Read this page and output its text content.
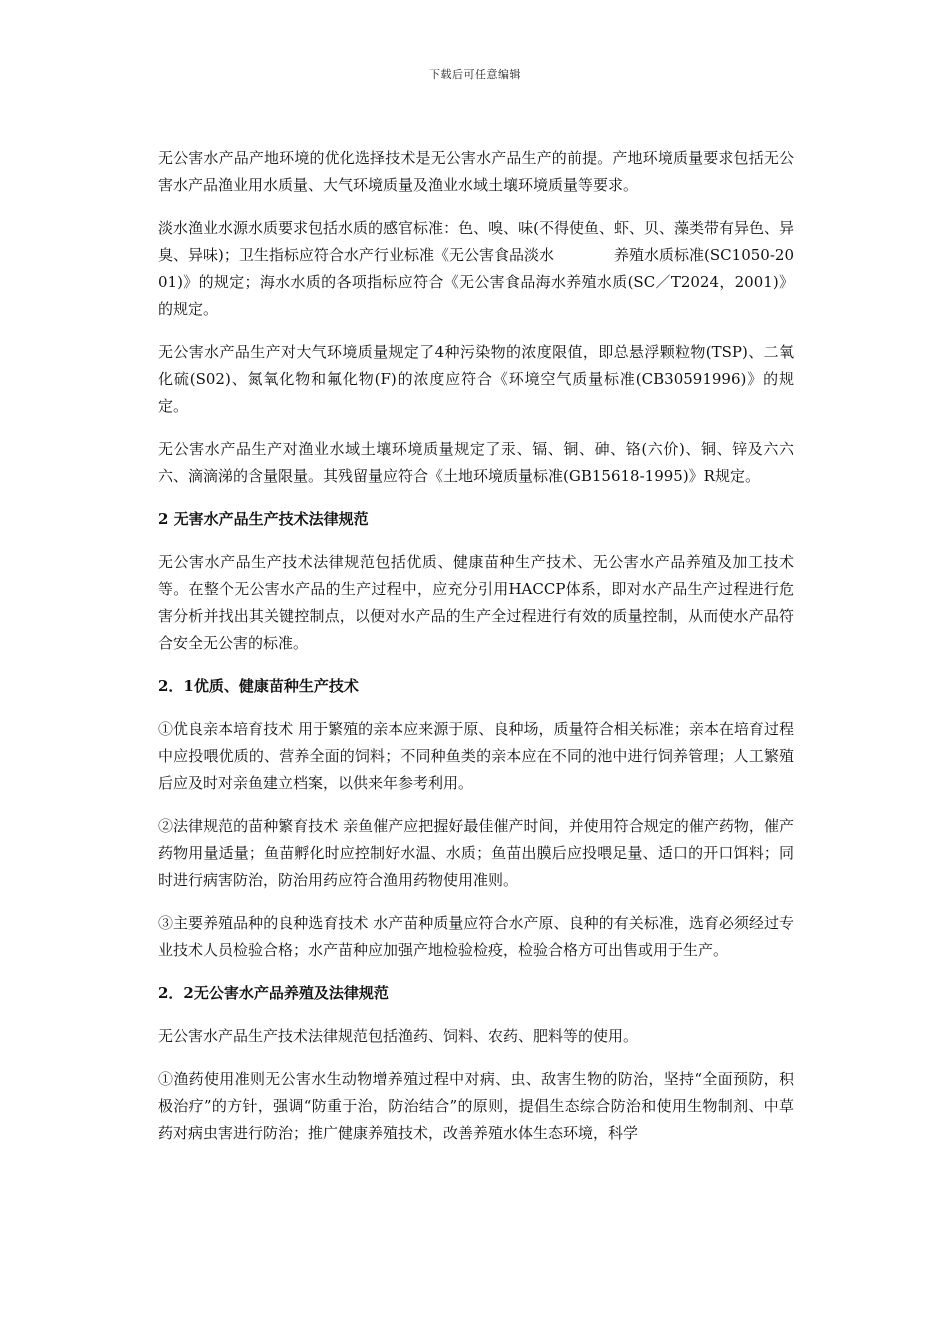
下载后可任意编辑

无公害水产品产地环境的优化选择技术是无公害水产品生产的前提。产地环境质量要求包括无公害水产品渔业用水质量、大气环境质量及渔业水域土壤环境质量等要求。

淡水渔业水源水质要求包括水质的感官标准：色、嗅、味(不得使鱼、虾、贝、藻类带有异色、异臭、异味)；卫生指标应符合水产行业标准《无公害食品淡水　　　　养殖水质标准(SC1050-2001)》的规定；海水水质的各项指标应符合《无公害食品海水养殖水质(SC／T2024，2001)》的规定。

无公害水产品生产对大气环境质量规定了4种污染物的浓度限值，即总悬浮颗粒物(TSP)、二氧化硫(S02)、氮氧化物和氟化物(F)的浓度应符合《环境空气质量标准(CB30591996)》的规定。

无公害水产品生产对渔业水域土壤环境质量规定了汞、镉、铜、砷、铬(六价)、铜、锌及六六六、滴滴涕的含量限量。其残留量应符合《土地环境质量标准(GB15618-1995)》R规定。

2 无害水产品生产技术法律规范

无公害水产品生产技术法律规范包括优质、健康苗种生产技术、无公害水产品养殖及加工技术等。在整个无公害水产品的生产过程中，应充分引用HACCP体系，即对水产品生产过程进行危害分析并找出其关键控制点，以便对水产品的生产全过程进行有效的质量控制，从而使水产品符合安全无公害的标准。

2．1优质、健康苗种生产技术

①优良亲本培育技术 用于繁殖的亲本应来源于原、良种场，质量符合相关标准；亲本在培育过程中应投喂优质的、营养全面的饲料；不同种鱼类的亲本应在不同的池中进行饲养管理；人工繁殖后应及时对亲鱼建立档案，以供来年参考利用。

②法律规范的苗种繁育技术 亲鱼催产应把握好最佳催产时间，并使用符合规定的催产药物，催产药物用量适量；鱼苗孵化时应控制好水温、水质；鱼苗出膜后应投喂足量、适口的开口饵料；同时进行病害防治，防治用药应符合渔用药物使用准则。

③主要养殖品种的良种选育技术 水产苗种质量应符合水产原、良种的有关标准，选育必须经过专业技术人员检验合格；水产苗种应加强产地检验检疫，检验合格方可出售或用于生产。

2．2无公害水产品养殖及法律规范

无公害水产品生产技术法律规范包括渔药、饲料、农药、肥料等的使用。

①渔药使用准则无公害水生动物增养殖过程中对病、虫、敌害生物的防治，坚持“全面预防，积极治疗”的方针，强调“防重于治，防治结合”的原则，提倡生态综合防治和使用生物制剂、中草药对病虫害进行防治；推广健康养殖技术，改善养殖水体生态环境，科学
